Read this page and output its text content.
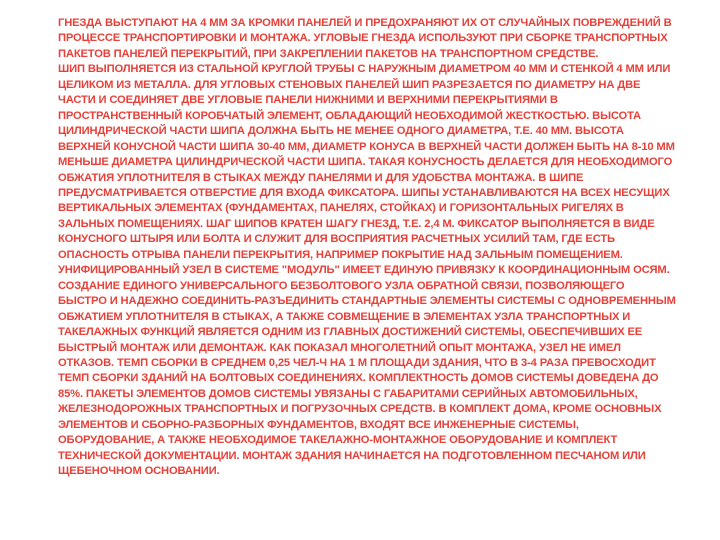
ГНЕЗДА ВЫСТУПАЮТ НА 4 ММ ЗА КРОМКИ ПАНЕЛЕЙ И ПРЕДОХРАНЯЮТ ИХ ОТ СЛУЧАЙНЫХ ПОВРЕЖДЕНИЙ В ПРОЦЕССЕ ТРАНСПОРТИРОВКИ И МОНТАЖА. УГЛОВЫЕ ГНЕЗДА ИСПОЛЬЗУЮТ ПРИ СБОРКЕ ТРАНСПОРТНЫХ ПАКЕТОВ ПАНЕЛЕЙ ПЕРЕКРЫТИЙ, ПРИ ЗАКРЕПЛЕНИИ ПАКЕТОВ НА ТРАНСПОРТНОМ СРЕДСТВЕ.
ШИП ВЫПОЛНЯЕТСЯ ИЗ СТАЛЬНОЙ КРУГЛОЙ ТРУБЫ С НАРУЖНЫМ ДИАМЕТРОМ 40 ММ И СТЕНКОЙ 4 ММ ИЛИ ЦЕЛИКОМ ИЗ МЕТАЛЛА. ДЛЯ УГЛОВЫХ СТЕНОВЫХ ПАНЕЛЕЙ ШИП РАЗРЕЗАЕТСЯ ПО ДИАМЕТРУ НА ДВЕ ЧАСТИ И СОЕДИНЯЕТ ДВЕ УГЛОВЫЕ ПАНЕЛИ НИЖНИМИ И ВЕРХНИМИ ПЕРЕКРЫТИЯМИ В ПРОСТРАНСТВЕННЫЙ КОРОБЧАТЫЙ ЭЛЕМЕНТ, ОБЛАДАЮЩИЙ НЕОБХОДИМОЙ ЖЕСТКОСТЬЮ. ВЫСОТА ЦИЛИНДРИЧЕСКОЙ ЧАСТИ ШИПА ДОЛЖНА БЫТЬ НЕ МЕНЕЕ ОДНОГО ДИАМЕТРА, Т.Е. 40 ММ. ВЫСОТА ВЕРХНЕЙ КОНУСНОЙ ЧАСТИ ШИПА 30-40 ММ, ДИАМЕТР КОНУСА В ВЕРХНЕЙ ЧАСТИ ДОЛЖЕН БЫТЬ НА 8-10 ММ МЕНЬШЕ ДИАМЕТРА ЦИЛИНДРИЧЕСКОЙ ЧАСТИ ШИПА. ТАКАЯ КОНУСНОСТЬ ДЕЛАЕТСЯ ДЛЯ НЕОБХОДИМОГО ОБЖАТИЯ УПЛОТНИТЕЛЯ В СТЫКАХ МЕЖДУ ПАНЕЛЯМИ И ДЛЯ УДОБСТВА МОНТАЖА. В ШИПЕ ПРЕДУСМАТРИВАЕТСЯ ОТВЕРСТИЕ ДЛЯ ВХОДА ФИКСАТОРА. ШИПЫ УСТАНАВЛИВАЮТСЯ НА ВСЕХ НЕСУЩИХ ВЕРТИКАЛЬНЫХ ЭЛЕМЕНТАХ (ФУНДАМЕНТАХ, ПАНЕЛЯХ, СТОЙКАХ) И ГОРИЗОНТАЛЬНЫХ РИГЕЛЯХ В ЗАЛЬНЫХ ПОМЕЩЕНИЯХ. ШАГ ШИПОВ КРАТЕН ШАГУ ГНЕЗД, Т.Е. 2,4 М. ФИКСАТОР ВЫПОЛНЯЕТСЯ В ВИДЕ КОНУСНОГО ШТЫРЯ ИЛИ БОЛТА И СЛУЖИТ ДЛЯ ВОСПРИЯТИЯ РАСЧЕТНЫХ УСИЛИЙ ТАМ, ГДЕ ЕСТЬ ОПАСНОСТЬ ОТРЫВА ПАНЕЛИ ПЕРЕКРЫТИЯ, НАПРИМЕР ПОКРЫТИЕ НАД ЗАЛЬНЫМ ПОМЕЩЕНИЕМ.
УНИФИЦИРОВАННЫЙ УЗЕЛ В СИСТЕМЕ "МОДУЛЬ" ИМЕЕТ ЕДИНУЮ ПРИВЯЗКУ К КООРДИНАЦИОННЫМ ОСЯМ. СОЗДАНИЕ ЕДИНОГО УНИВЕРСАЛЬНОГО БЕЗБОЛТОВОГО УЗЛА ОБРАТНОЙ СВЯЗИ, ПОЗВОЛЯЮЩЕГО БЫСТРО И НАДЕЖНО СОЕДИНИТЬ-РАЗЪЕДИНИТЬ СТАНДАРТНЫЕ ЭЛЕМЕНТЫ СИСТЕМЫ С ОДНОВРЕМЕННЫМ ОБЖАТИЕМ УПЛОТНИТЕЛЯ В СТЫКАХ, А ТАКЖЕ СОВМЕЩЕНИЕ В ЭЛЕМЕНТАХ УЗЛА ТРАНСПОРТНЫХ И ТАКЕЛАЖНЫХ ФУНКЦИЙ ЯВЛЯЕТСЯ ОДНИМ ИЗ ГЛАВНЫХ ДОСТИЖЕНИЙ СИСТЕМЫ, ОБЕСПЕЧИВШИХ ЕЕ БЫСТРЫЙ МОНТАЖ ИЛИ ДЕМОНТАЖ. КАК ПОКАЗАЛ МНОГОЛЕТНИЙ ОПЫТ МОНТАЖА, УЗЕЛ НЕ ИМЕЛ ОТКАЗОВ. ТЕМП СБОРКИ В СРЕДНЕМ 0,25 ЧЕЛ-Ч НА 1 М ПЛОЩАДИ ЗДАНИЯ, ЧТО В 3-4 РАЗА ПРЕВОСХОДИТ ТЕМП СБОРКИ ЗДАНИЙ НА БОЛТОВЫХ СОЕДИНЕНИЯХ. КОМПЛЕКТНОСТЬ ДОМОВ СИСТЕМЫ ДОВЕДЕНА ДО 85%. ПАКЕТЫ ЭЛЕМЕНТОВ ДОМОВ СИСТЕМЫ УВЯЗАНЫ С ГАБАРИТАМИ СЕРИЙНЫХ АВТОМОБИЛЬНЫХ, ЖЕЛЕЗНОДОРОЖНЫХ ТРАНСПОРТНЫХ И ПОГРУЗОЧНЫХ СРЕДСТВ. В КОМПЛЕКТ ДОМА, КРОМЕ ОСНОВНЫХ ЭЛЕМЕНТОВ И СБОРНО-РАЗБОРНЫХ ФУНДАМЕНТОВ, ВХОДЯТ ВСЕ ИНЖЕНЕРНЫЕ СИСТЕМЫ, ОБОРУДОВАНИЕ, А ТАКЖЕ НЕОБХОДИМОЕ ТАКЕЛАЖНО-МОНТАЖНОЕ ОБОРУДОВАНИЕ И КОМПЛЕКТ ТЕХНИЧЕСКОЙ ДОКУМЕНТАЦИИ. МОНТАЖ ЗДАНИЯ НАЧИНАЕТСЯ НА ПОДГОТОВЛЕННОМ ПЕСЧАНОМ ИЛИ ЩЕБЕНОЧНОМ ОСНОВАНИИ.
